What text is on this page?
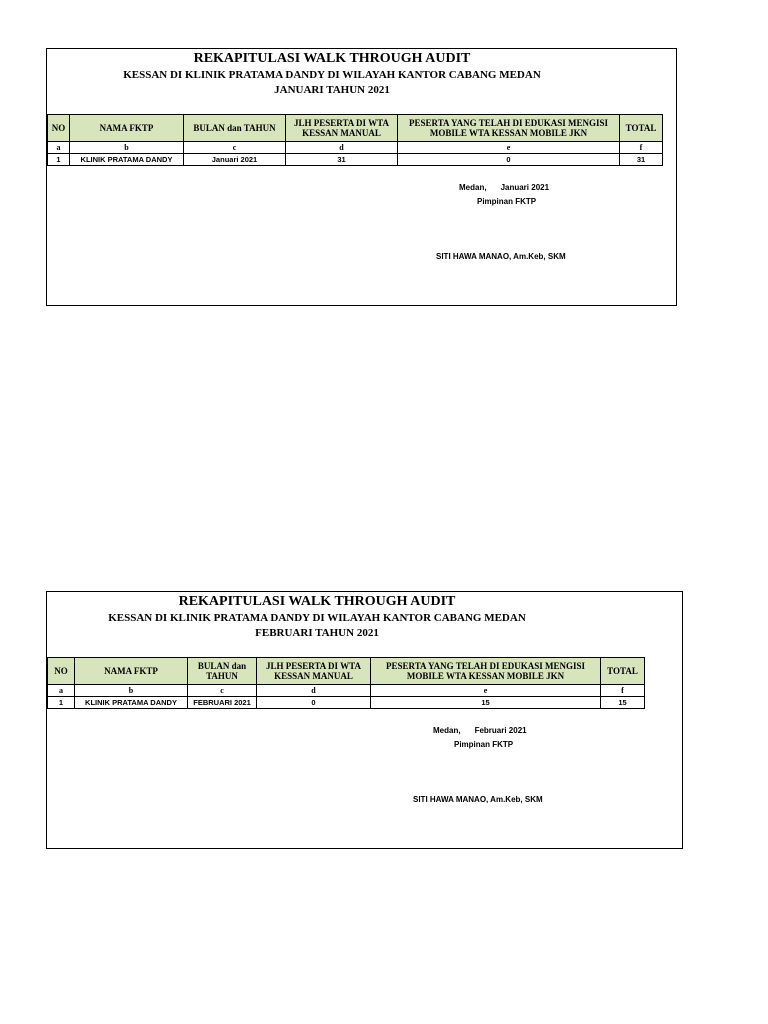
REKAPITULASI WALK THROUGH AUDIT
KESSAN DI KLINIK PRATAMA DANDY DI WILAYAH KANTOR CABANG MEDAN
JANUARI TAHUN 2021
NO	NAMA FKTP	BULAN dan TAHUN	JLH PESERTA DI WTA KESSAN MANUAL	PESERTA YANG TELAH DI EDUKASI MENGISI MOBILE WTA KESSAN MOBILE JKN	TOTAL
a	b	c	d	e	f
1	KLINIK PRATAMA DANDY	Januari 2021	31	0	31
Medan, Januari 2021
Pimpinan FKTP
SITI HAWA MANAO, Am.Keb, SKM
REKAPITULASI WALK THROUGH AUDIT
KESSAN DI KLINIK PRATAMA DANDY DI WILAYAH KANTOR CABANG MEDAN
FEBRUARI TAHUN 2021
NO	NAMA FKTP	BULAN dan TAHUN	JLH PESERTA DI WTA KESSAN MANUAL	PESERTA YANG TELAH DI EDUKASI MENGISI MOBILE WTA KESSAN MOBILE JKN	TOTAL
a	b	c	d	e	f
1	KLINIK PRATAMA DANDY	FEBRUARI 2021	0	15	15
Medan, Februari 2021
Pimpinan FKTP
SITI HAWA MANAO, Am.Keb, SKM
